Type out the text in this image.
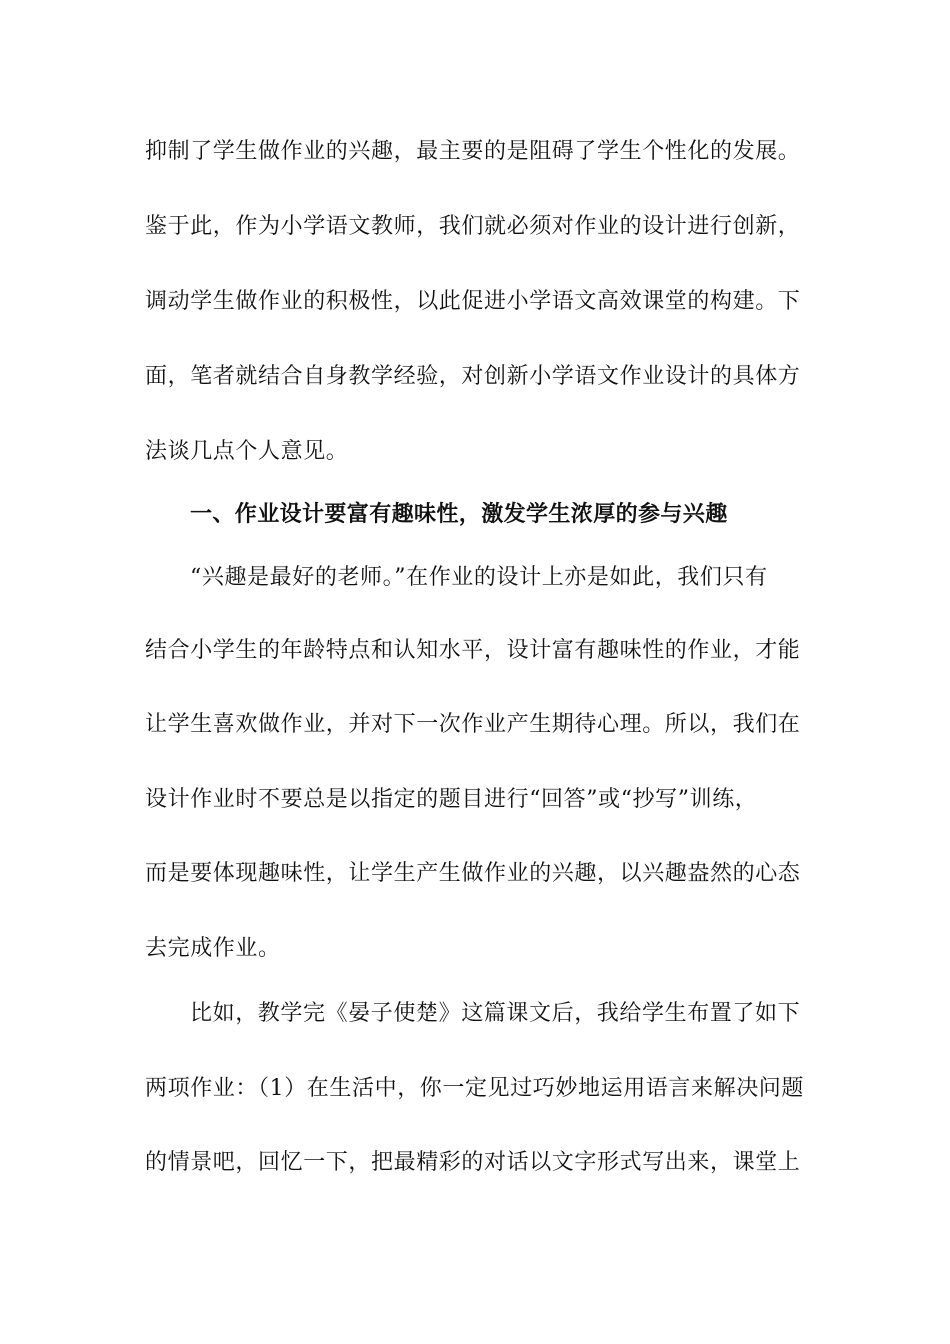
抑制了学生做作业的兴趣，最主要的是阻碍了学生个性化的发展。
鉴于此，作为小学语文教师，我们就必须对作业的设计进行创新，
调动学生做作业的积极性，以此促进小学语文高效课堂的构建。下
面，笔者就结合自身教学经验，对创新小学语文作业设计的具体方
法谈几点个人意见。
一、作业设计要富有趣味性，激发学生浓厚的参与兴趣
“兴趣是最好的老师。”在作业的设计上亦是如此，我们只有
结合小学生的年龄特点和认知水平，设计富有趣味性的作业，才能
让学生喜欢做作业，并对下一次作业产生期待心理。所以，我们在
设计作业时不要总是以指定的题目进行“回答”或“抄写”训练，
而是要体现趣味性，让学生产生做作业的兴趣，以兴趣盎然的心态
去完成作业。
比如，教学完《晏子使楚》这篇课文后，我给学生布置了如下
两项作业：（1）在生活中，你一定见过巧妙地运用语言来解决问题
的情景吧，回忆一下，把最精彩的对话以文字形式写出来，课堂上
